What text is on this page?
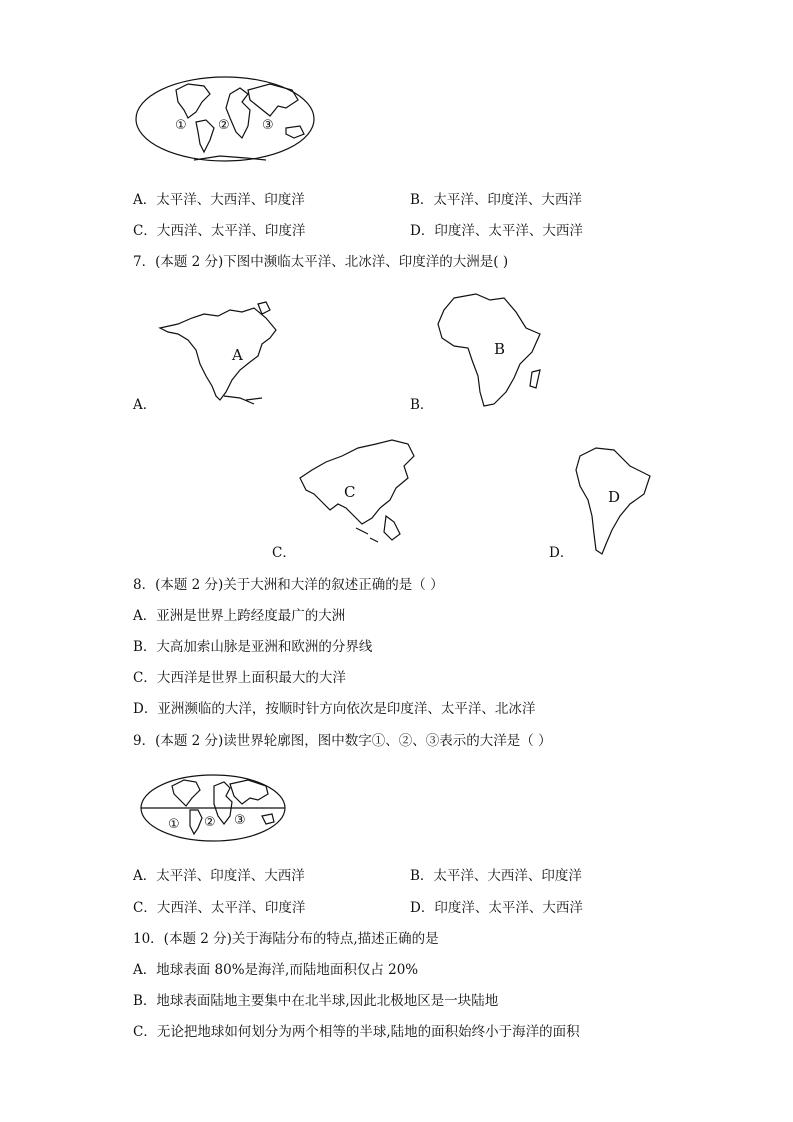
① ② ③
A．太平洋、大西洋、印度洋	B．太平洋、印度洋、大西洋
C．大西洋、太平洋、印度洋	D．印度洋、太平洋、大西洋
7．(本题 2 分)下图中濒临太平洋、北冰洋、印度洋的大洲是( )
A
A．
B
B．
C
C．
D
D．
8．(本题 2 分)关于大洲和大洋的叙述正确的是（ ）
A．亚洲是世界上跨经度最广的大洲
B．大高加索山脉是亚洲和欧洲的分界线
C．大西洋是世界上面积最大的大洋
D．亚洲濒临的大洋，按顺时针方向依次是印度洋、太平洋、北冰洋
9．(本题 2 分)读世界轮廓图，图中数字①、②、③表示的大洋是（ ）
① ② ③
A．太平洋、印度洋、大西洋	B．太平洋、大西洋、印度洋
C．大西洋、太平洋、印度洋	D．印度洋、太平洋、大西洋
10．(本题 2 分)关于海陆分布的特点,描述正确的是
A．地球表面 80%是海洋,而陆地面积仅占 20%
B．地球表面陆地主要集中在北半球,因此北极地区是一块陆地
C．无论把地球如何划分为两个相等的半球,陆地的面积始终小于海洋的面积
